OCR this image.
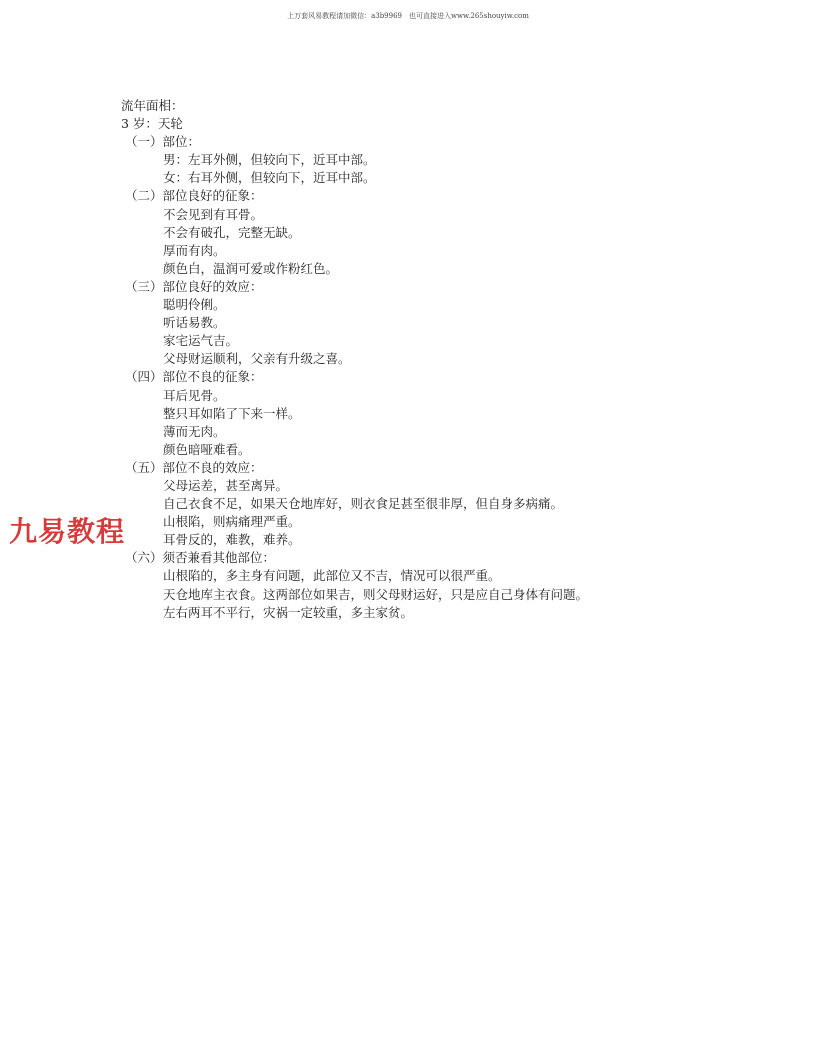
上万套风易教程请加微信：a3b9969　也可直接进入www.265shouyiw.com
流年面相：
3 岁：天轮
（一）部位：
男：左耳外侧，但较向下，近耳中部。
女：右耳外侧，但较向下，近耳中部。
（二）部位良好的征象：
不会见到有耳骨。
不会有破孔，完整无缺。
厚而有肉。
颜色白，温润可爱或作粉红色。
（三）部位良好的效应：
聪明伶俐。
听话易教。
家宅运气吉。
父母财运顺利，父亲有升级之喜。
（四）部位不良的征象：
耳后见骨。
整只耳如陷了下来一样。
薄而无肉。
颜色暗哑难看。
（五）部位不良的效应：
父母运差，甚至离异。
自己衣食不足，如果天仓地库好，则衣食足甚至很非厚，但自身多病痛。
山根陷，则病痛理严重。
耳骨反的，难教，难养。
（六）须否兼看其他部位：
山根陷的，多主身有问题，此部位又不吉，情况可以很严重。
天仓地库主衣食。这两部位如果吉，则父母财运好，只是应自己身体有问题。
左右两耳不平行，灾祸一定较重，多主家贫。
九易教程
